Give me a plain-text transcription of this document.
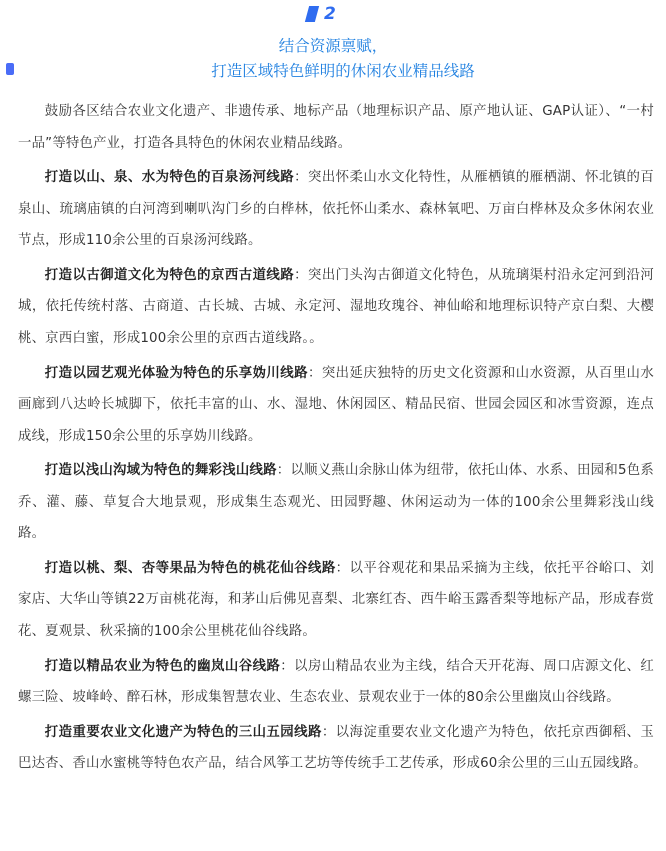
2

结合资源禀赋，

打造区域特色鲜明的休闲农业精品线路

鼓励各区结合农业文化遗产、非遗传承、地标产品（地理标识产品、原产地认证、GAP认证）、“一村一品”等特色产业，打造各具特色的休闲农业精品线路。

打造以山、泉、水为特色的百泉汤河线路：突出怀柔山水文化特性，从雁栖镇的雁栖湖、怀北镇的百泉山、琉璃庙镇的白河湾到喇叭沟门乡的白桦林，依托怀山柔水、森林氧吧、万亩白桦林及众多休闲农业节点，形成110余公里的百泉汤河线路。

打造以古御道文化为特色的京西古道线路：突出门头沟古御道文化特色，从琉璃渠村沿永定河到沿河城，依托传统村落、古商道、古长城、古城、永定河、湿地玫瑰谷、神仙峪和地理标识特产京白梨、大樱桃、京西白蜜，形成100余公里的京西古道线路。。

打造以园艺观光体验为特色的乐享妫川线路：突出延庆独特的历史文化资源和山水资源，从百里山水画廊到八达岭长城脚下，依托丰富的山、水、湿地、休闲园区、精品民宿、世园会园区和冰雪资源，连点成线，形成150余公里的乐享妫川线路。

打造以浅山沟域为特色的舞彩浅山线路：以顺义燕山余脉山体为纽带，依托山体、水系、田园和5色系乔、灌、藤、草复合大地景观，形成集生态观光、田园野趣、休闲运动为一体的100余公里舞彩浅山线路。

打造以桃、梨、杏等果品为特色的桃花仙谷线路：以平谷观花和果品采摘为主线，依托平谷峪口、刘家店、大华山等镇22万亩桃花海，和茅山后佛见喜梨、北寨红杏、西牛峪玉露香梨等地标产品，形成春赏花、夏观景、秋采摘的100余公里桃花仙谷线路。

打造以精品农业为特色的幽岚山谷线路：以房山精品农业为主线，结合天开花海、周口店源文化、红螺三险、坡峰岭、醉石林，形成集智慧农业、生态农业、景观农业于一体的80余公里幽岚山谷线路。

打造重要农业文化遗产为特色的三山五园线路：以海淀重要农业文化遗产为特色，依托京西御稻、玉巴达杏、香山水蜜桃等特色农产品，结合风筝工艺坊等传统手工艺传承，形成60余公里的三山五园线路。
